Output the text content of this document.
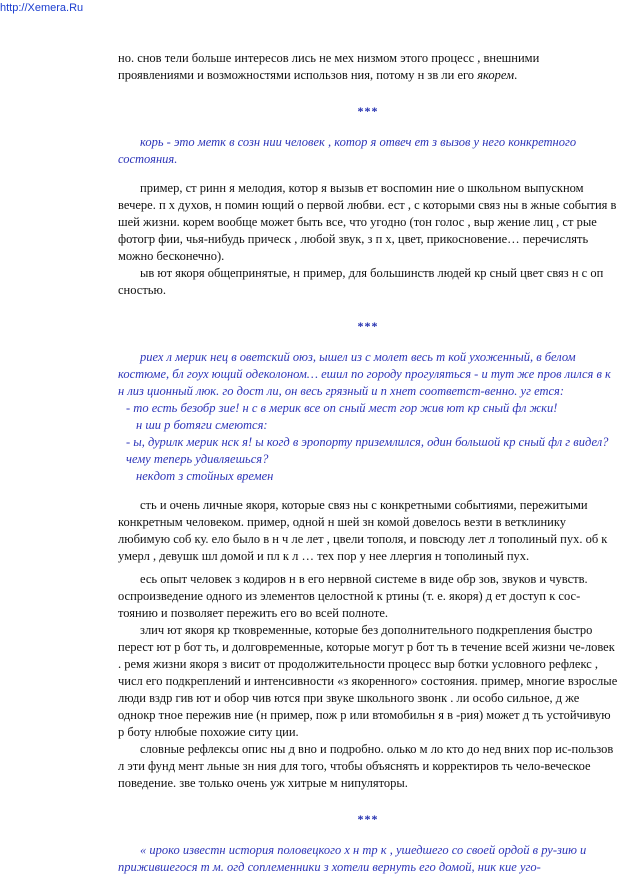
http://Xemera.Ru

но. снов тели больше интересов лись не мех низмом этого процесс , внешними проявлениями и возможностями использов ния, потому н зв ли его якорем.

***

корь - это метк в созн нии человек , котор я отвеч ет з вызов у него конкретного состояния.

пример, ст ринн я мелодия, котор я вызыв ет воспомин ние о школьном выпускном вечере. п х духов, н помин ющий о первой любви. ест , с которыми связ ны в жные события в шей жизни. корем вообще может быть все, что угодно (тон голос , выр жение лиц , ст рые фотогр фии, чья-нибудь прическ , любой звук, з п х, цвет, прикосновение… перечислять можно бесконечно).

ыв ют якоря общепринятые, н пример, для большинств людей кр сный цвет связ н с оп сностью.

***

риех л мерик нец в оветский оюз, ышел из с молет весь т кой ухоженный, в белом костюме, бл гоух ющий одеколоном… ешил по городу прогуляться - и тут же пров лился в к н лиз ционный люк. го дост ли, он весь грязный и п хнет соответст-венно. уг ется:

- то есть безобр зие! н с в мерик все оп сный мест гор жив ют кр сный фл жки!

н ши р ботяги смеются:

- ы, дурилк мерик нск я! ы когд в эропорту приземлился, один большой кр сный фл г видел? чему теперь удивляешься?

некдот з стойных времен

сть и очень личные якоря, которые связ ны с конкретными событиями, пережитыми конкретным человеком. пример, одной н шей зн комой довелось везти в ветклинику любимую соб ку. ело было в н ч ле лет , цвели тополя, и повсюду лет л тополиный пух. об к умерл , девушк шл домой и пл к л … тех пор у нее ллергия н тополиный пух.

есь опыт человек з кодиров н в его нервной системе в виде обр зов, звуков и чувств. оспроизведение одного из элементов целостной к ртины (т. е. якоря) д ет доступ к сос-тоянию и позволяет пережить его во всей полноте.

злич ют якоря кр тковременные, которые без дополнительного подкрепления быстро перест ют р бот ть, и долговременные, которые могут р бот ть в течение всей жизни че-ловек . ремя жизни якоря з висит от продолжительности процесс выр ботки условного рефлекс , числ его подкреплений и интенсивности «з якоренного» состояния. пример, многие взрослые люди вздр гив ют и обор чив ются при звуке школьного звонк . ли особо сильное, д же однокр тное пережив ние (н пример, пож р или втомобильн я в -рия) может д ть устойчивую р боту нлюбые похожие ситу ции.

словные рефлексы опис ны д вно и подробно. олько м ло кто до нед вних пор ис-пользов л эти фунд мент льные зн ния для того, чтобы объяснять и корректиров ть чело-веческое поведение. зве только очень уж хитрые м нипуляторы.

***

« ироко известн история половецкого х н тр к , ушедшего со своей ордой в ру-зию и прижившегося т м. огд соплеменники з хотели вернуть его домой, ник кие уго-
